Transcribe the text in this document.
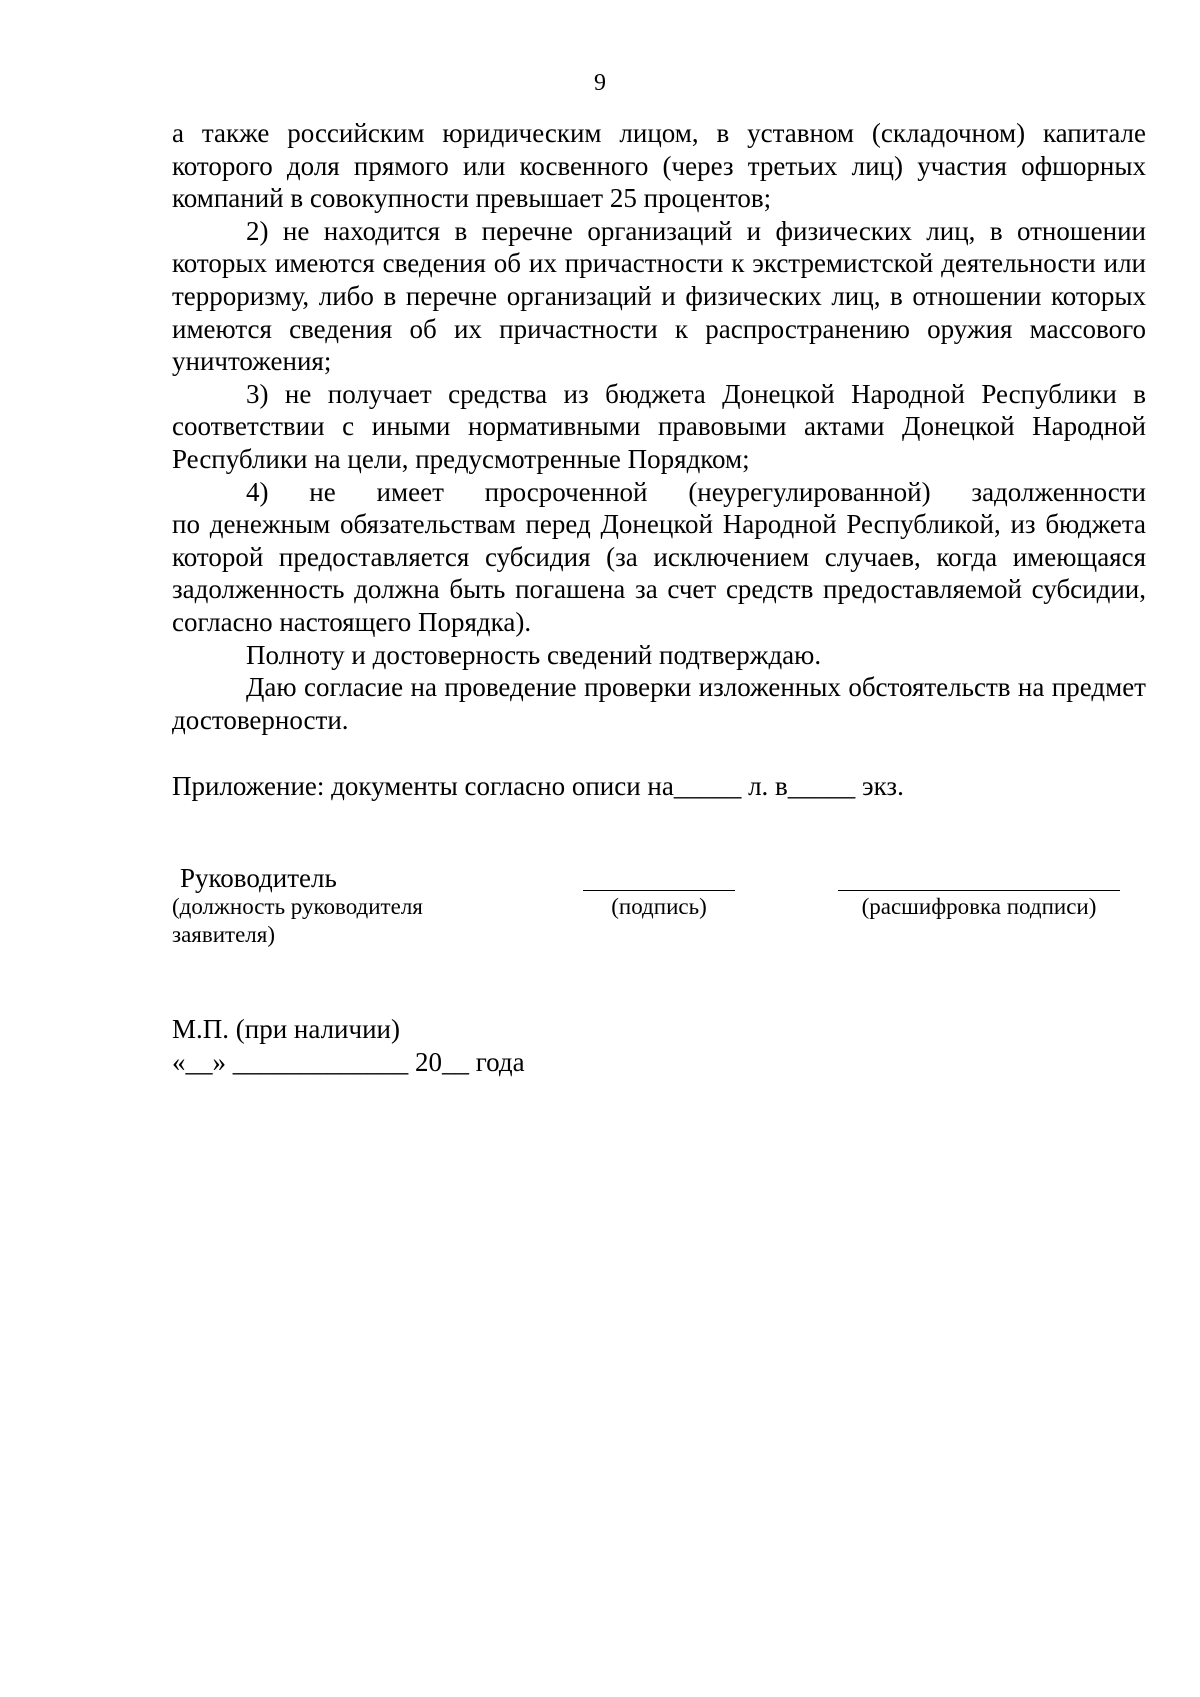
9

а также российским юридическим лицом, в уставном (складочном) капитале которого доля прямого или косвенного (через третьих лиц) участия офшорных компаний в совокупности превышает 25 процентов;

2) не находится в перечне организаций и физических лиц, в отношении которых имеются сведения об их причастности к экстремистской деятельности или терроризму, либо в перечне организаций и физических лиц, в отношении которых имеются сведения об их причастности к распространению оружия массового уничтожения;

3) не получает средства из бюджета Донецкой Народной Республики в соответствии с иными нормативными правовыми актами Донецкой Народной Республики на цели, предусмотренные Порядком;

4) не имеет просроченной (неурегулированной) задолженности

по денежным обязательствам перед Донецкой Народной Республикой, из бюджета которой предоставляется субсидия (за исключением случаев, когда имеющаяся задолженность должна быть погашена за счет средств предоставляемой субсидии, согласно настоящего Порядка).

Полноту и достоверность сведений подтверждаю.

Даю согласие на проведение проверки изложенных обстоятельств на предмет достоверности.

Приложение: документы согласно описи на_____ л. в_____ экз.
Руководитель
(должность руководителя заявителя)
(подпись)	(расшифровка подписи)
М.П. (при наличии)
«__» _____________ 20__ года
